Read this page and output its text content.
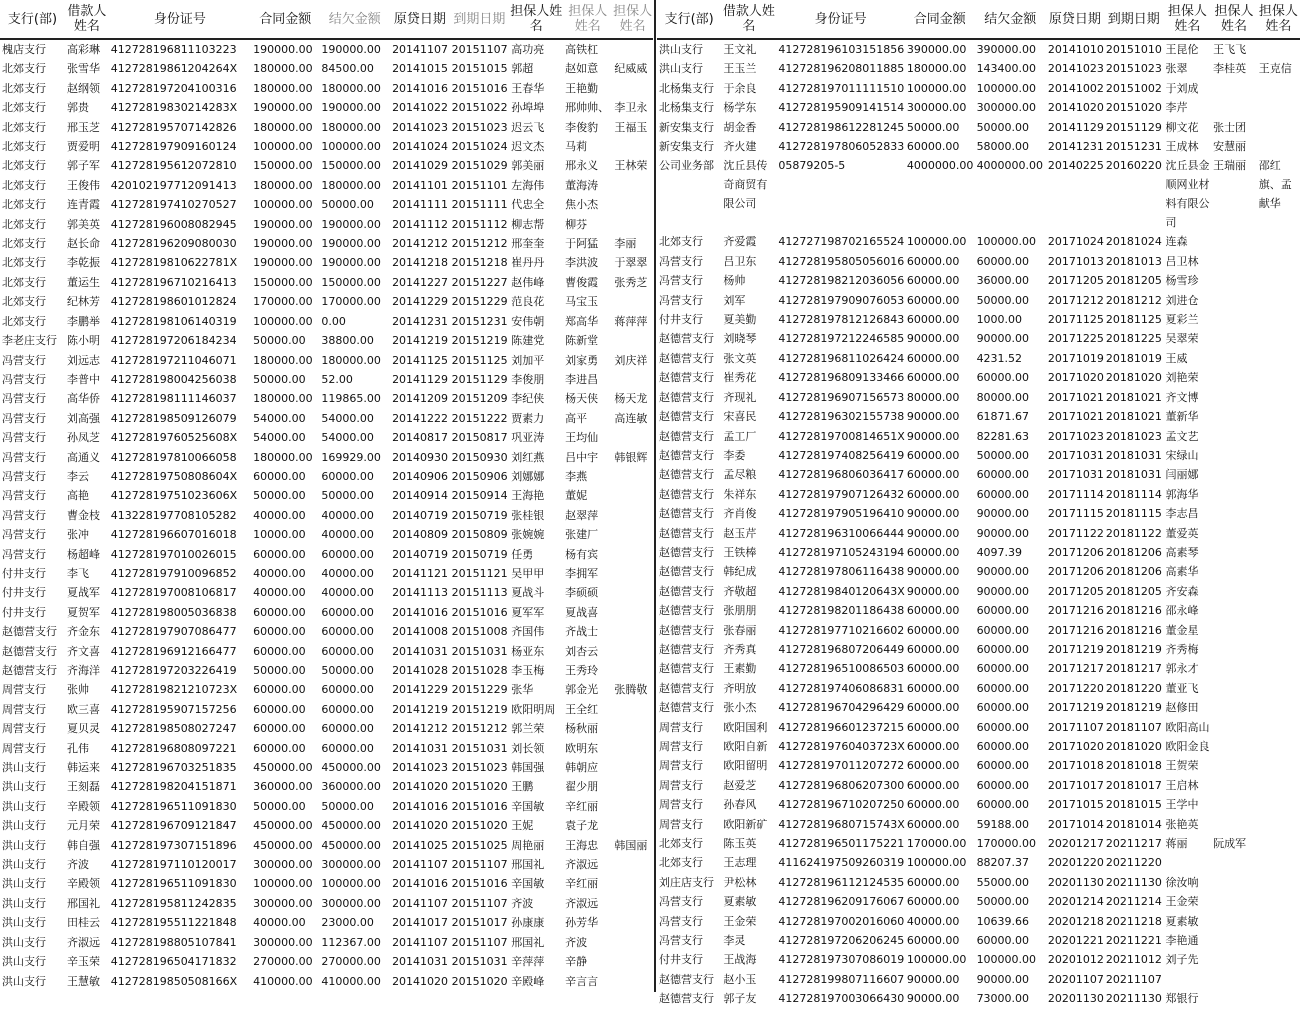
支行(部)	借款人姓名	身份证号	合同金额	结欠金额	原贷日期	到期日期	担保人姓名	担保人姓名	担保人姓名
槐店支行	高彩琳	412728196811103223	190000.00	190000.00	20141107	20151107	高功亮	高铁杠	
北郊支行	张雪华	41272819861204264X	180000.00	84500.00	20141015	20151015	郭超	赵如意	纪威威
北郊支行	赵纲领	412728197204100316	180000.00	180000.00	20141016	20151016	王春华	王艳勤	
北郊支行	郭贵	41272819830214283X	190000.00	190000.00	20141022	20151022	孙埠埠	邢帅帅、	李卫永
北郊支行	邢玉芝	412728195707142826	180000.00	180000.00	20141023	20151023	迟云飞	李俊豹	王福玉
北郊支行	贾爱明	412728197909160124	100000.00	100000.00	20141024	20151024	迟文杰	马莉	
北郊支行	郭子军	412728195612072810	150000.00	150000.00	20141029	20151029	郭美丽	邢永义	王林荣
北郊支行	王俊伟	420102197712091413	180000.00	180000.00	20141101	20151101	左海伟	董海涛	
北郊支行	连青霞	412728197410270527	100000.00	50000.00	20141111	20151111	代忠全	焦小杰	
北郊支行	郭美英	412728196008082945	190000.00	190000.00	20141112	20151112	柳志帮	柳芬	
北郊支行	赵长命	412728196209080030	190000.00	190000.00	20141212	20151212	邢奎奎	于阿猛	李丽
北郊支行	李乾振	41272819810622781X	190000.00	190000.00	20141218	20151218	崔丹丹	李洪波	于翠翠
北郊支行	董运生	412728196710216413	150000.00	150000.00	20141227	20151227	赵伟峰	曹俊霞	张秀芝
北郊支行	纪林芳	412728198601012824	170000.00	170000.00	20141229	20151229	范良花	马宝玉	
北郊支行	李鹏举	412728198106140319	100000.00	0.00	20141231	20151231	安伟朝	郑高华	蒋萍萍
李老庄支行	陈小明	412728197206184234	50000.00	38800.00	20141219	20151219	陈建党	陈新堂	
冯营支行	刘远志	412728197211046071	180000.00	180000.00	20141125	20151125	刘加平	刘家勇	刘庆祥
冯营支行	李普中	412728198004256038	50000.00	52.00	20141129	20151129	李俊朋	李进昌	
冯营支行	高华侨	412728198111146037	180000.00	119865.00	20141209	20151209	李纪侠	杨天侠	杨天龙
冯营支行	刘高强	412728198509126079	54000.00	54000.00	20141222	20151222	贾素力	高平	高连敏
冯营支行	孙凤芝	41272819760525608X	54000.00	54000.00	20140817	20150817	巩亚涛	王均仙	
冯营支行	高通义	412728197810066058	180000.00	169929.00	20140930	20150930	刘红燕	吕中宇	韩银辉
冯营支行	李云	41272819750808604X	60000.00	60000.00	20140906	20150906	刘娜娜	李燕	
冯营支行	高艳	41272819751023606X	50000.00	50000.00	20140914	20150914	王海艳	董妮	
冯营支行	曹金枝	413228197708105282	40000.00	40000.00	20140719	20150719	张桂银	赵翠萍	
冯营支行	张冲	412728196607016018	10000.00	40000.00	20140809	20150809	张婉婉	张建厂	
冯营支行	杨超峰	412728197010026015	60000.00	60000.00	20140719	20150719	任勇	杨有宾	
付井支行	李飞	412728197910096852	40000.00	40000.00	20141121	20151121	吴甲甲	李拥军	
付井支行	夏战军	412728197008106817	40000.00	40000.00	20141113	20151113	夏战斗	李硕硕	
付井支行	夏贺军	412728198005036838	60000.00	60000.00	20141016	20151016	夏军军	夏战喜	
赵德营支行	齐金东	412728197907086477	60000.00	60000.00	20141008	20151008	齐国伟	齐战士	
赵德营支行	齐文喜	412728196912166477	60000.00	60000.00	20141031	20151031	杨亚东	刘杏云	
赵德营支行	齐海洋	412728197203226419	50000.00	50000.00	20141028	20151028	李玉梅	王秀玲	
周营支行	张帅	41272819821210723X	60000.00	60000.00	20141229	20151229	张华	郭金光	张腾敬
周营支行	欧三喜	412728195907157256	60000.00	60000.00	20141219	20151219	欧阳明周	王全红	
周营支行	夏贝灵	412728198508027247	60000.00	60000.00	20141212	20151212	郭兰荣	杨秋丽	
周营支行	孔伟	412728196808097221	60000.00	60000.00	20141031	20151031	刘长领	欧明东	
洪山支行	韩运来	412728196703251835	450000.00	450000.00	20141023	20151023	韩国强	韩朝应	
洪山支行	王刻磊	412728198204151871	360000.00	360000.00	20141020	20151020	王鹏	翟少朋	
洪山支行	辛殿领	412728196511091830	50000.00	50000.00	20141016	20151016	辛国敏	辛红丽	
洪山支行	元月荣	412728196709121847	450000.00	450000.00	20141020	20151020	王妮	袁子龙	
洪山支行	韩自强	412728197307151896	450000.00	450000.00	20141025	20151025	周艳丽	王海忠	韩国丽
洪山支行	齐波	412728197110120017	300000.00	300000.00	20141107	20151107	邢国礼	齐淑远	
洪山支行	辛殿领	412728196511091830	100000.00	100000.00	20141016	20151016	辛国敏	辛红丽	
洪山支行	邢国礼	412728195811242835	300000.00	300000.00	20141107	20151107	齐波	齐淑远	
洪山支行	田桂云	412728195511221848	40000.00	23000.00	20141017	20151017	孙康康	孙芳华	
洪山支行	齐淑远	412728198805107841	300000.00	112367.00	20141107	20151107	邢国礼	齐波	
洪山支行	辛玉荣	412728196504171832	270000.00	270000.00	20141031	20151031	辛萍萍	辛静	
洪山支行	王慧敏	41272819850508166X	410000.00	410000.00	20141020	20151020	辛殿峰	辛言言	
支行(部)	借款人姓名	身份证号	合同金额	结欠金额	原贷日期	到期日期	担保人姓名	担保人姓名	担保人姓名
洪山支行	王文礼	412728196103151856	390000.00	390000.00	20141010	20151010	王昆伦	王飞飞	
洪山支行	王玉兰	412728196208011885	180000.00	143400.00	20141023	20151023	张翠	李桂英	王克信
北杨集支行	于余良	412728197011111510	100000.00	100000.00	20141002	20151002	于刘成		
北杨集支行	杨学东	412728195909141514	300000.00	300000.00	20141020	20151020	李芹		
新安集支行	胡金香	412728198612281245	50000.00	50000.00	20141129	20151129	柳文花	张士团	
新安集支行	齐火建	412728197806052833	60000.00	58000.00	20141231	20151231	王成林	安慧丽	
公司业务部	沈丘县传奇商贸有限公司	05879205-5	4000000.00	4000000.00	20140225	20160220	沈丘县金顺网业材料有限公司	王瑞丽	邵红旗、孟献华
北郊支行	齐爱霞	412727198702165524	100000.00	100000.00	20171024	20181024	连森		
冯营支行	吕卫东	412728195805056016	60000.00	60000.00	20171013	20181013	吕卫林		
冯营支行	杨帅	412728198212036056	60000.00	36000.00	20171205	20181205	杨雪珍		
冯营支行	刘军	412728197909076053	60000.00	50000.00	20171212	20181212	刘进仓		
付井支行	夏美勤	412728197812126843	60000.00	1000.00	20171125	20181125	夏彩兰		
赵德营支行	刘晓琴	412728197212246585	90000.00	90000.00	20171225	20181225	吴翠荣		
赵德营支行	张文英	412728196811026424	60000.00	4231.52	20171019	20181019	王威		
赵德营支行	崔秀花	412728196809133466	60000.00	60000.00	20171020	20181020	刘艳荣		
赵德营支行	齐现礼	412728196907156573	80000.00	80000.00	20171021	20181021	齐文博		
赵德营支行	宋喜民	412728196302155738	90000.00	61871.67	20171021	20181021	董新华		
赵德营支行	孟工厂	41272819700814651X	90000.00	82281.63	20171023	20181023	孟文艺		
赵德营支行	李委	412728197408256419	60000.00	50000.00	20171031	20181031	宋绿山		
赵德营支行	孟尽粮	412728196806036417	60000.00	60000.00	20171031	20181031	闫丽娜		
赵德营支行	朱祥东	412728197907126432	60000.00	60000.00	20171114	20181114	郭海华		
赵德营支行	齐肖俊	412728197905196410	90000.00	90000.00	20171115	20181115	李志昌		
赵德营支行	赵玉芹	412728196310066444	90000.00	90000.00	20171122	20181122	董爱英		
赵德营支行	王铁棒	412728197105243194	60000.00	4097.39	20171206	20181206	高素琴		
赵德营支行	韩纪成	412728197806116438	90000.00	90000.00	20171206	20181206	高素华		
赵德营支行	齐敬超	41272819840120643X	90000.00	90000.00	20171205	20181205	齐安森		
赵德营支行	张朋朋	412728198201186438	60000.00	60000.00	20171216	20181216	邵永峰		
赵德营支行	张春丽	412728197710216602	60000.00	60000.00	20171216	20181216	董金星		
赵德营支行	齐秀真	412728196807206449	60000.00	60000.00	20171219	20181219	齐秀梅		
赵德营支行	王素勤	412728196510086503	60000.00	60000.00	20171217	20181217	郭永才		
赵德营支行	齐明放	412728197406086831	60000.00	60000.00	20171220	20181220	董亚飞		
赵德营支行	张小杰	412728196704296429	60000.00	60000.00	20171219	20181219	赵修田		
周营支行	欧阳国利	412728196601237215	60000.00	60000.00	20171107	20181107	欧阳高山		
周营支行	欧阳自新	41272819760403723X	60000.00	60000.00	20171020	20181020	欧阳金良		
周营支行	欧阳留明	412728197011207272	60000.00	60000.00	20171018	20181018	王贺荣		
周营支行	赵爱芝	412728196806207300	60000.00	60000.00	20171017	20181017	王启林		
周营支行	孙春风	412728196710207250	60000.00	60000.00	20171015	20181015	王学中		
周营支行	欧阳新矿	41272819680715743X	60000.00	59188.00	20171014	20181014	张艳英		
北郊支行	陈玉英	412728196501175221	170000.00	170000.00	20201217	20211217	蒋丽	阮成军	
北郊支行	王志理	411624197509260319	100000.00	88207.37	20201220	20211220			
刘庄店支行	尹松林	412728196112124535	60000.00	55000.00	20201130	20211130	徐汝响		
冯营支行	夏素敏	412728196209176067	60000.00	50000.00	20201214	20211214	王金荣		
冯营支行	王金荣	412728197002016060	40000.00	10639.66	20201218	20211218	夏素敏		
冯营支行	李灵	412728197206206245	60000.00	60000.00	20201221	20211221	李艳通		
付井支行	王战海	412728197307086019	100000.00	100000.00	20201012	20211012	刘子先		
赵德营支行	赵小玉	412728199807116607	90000.00	90000.00	20201107	20211107			
赵德营支行	郭子友	412728197003066430	90000.00	73000.00	20201130	20211130	郑银行		
